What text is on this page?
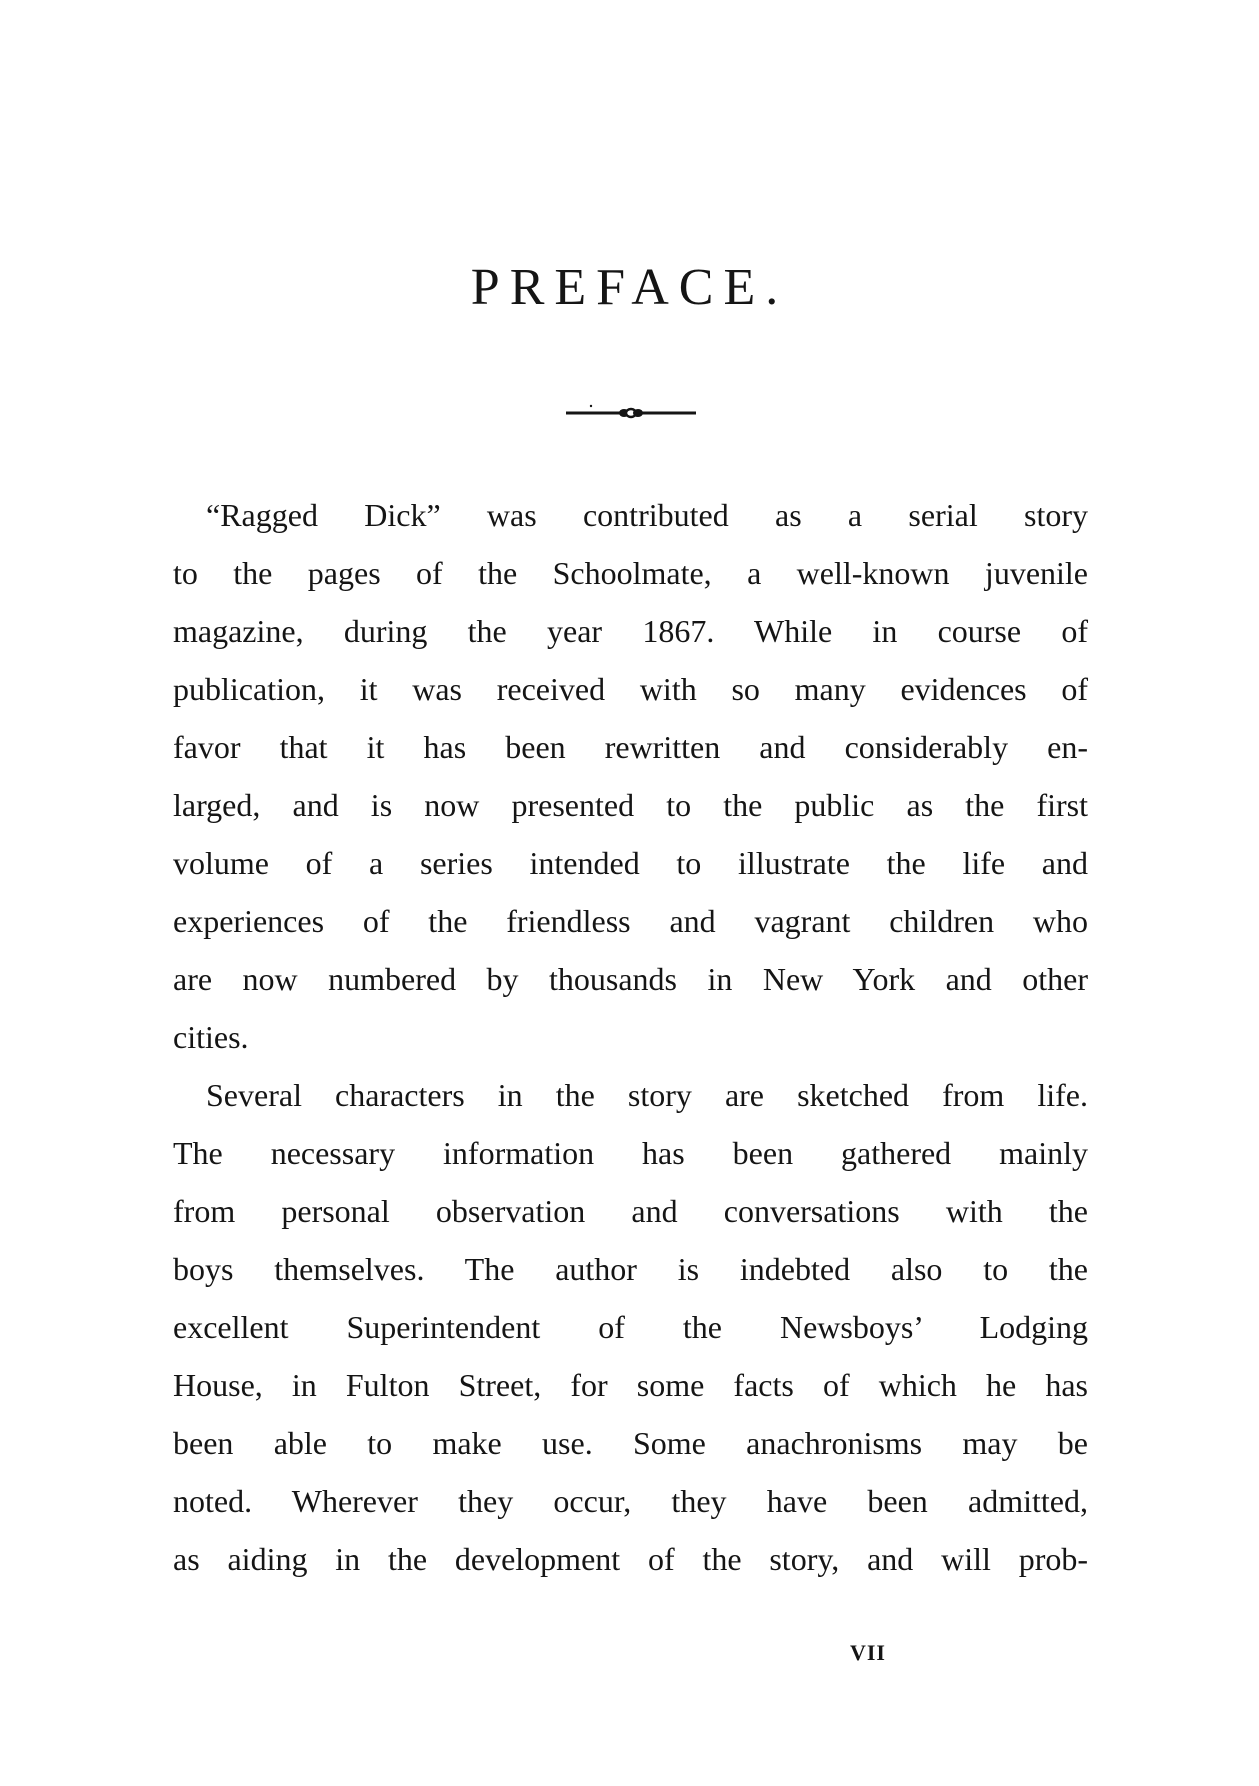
PREFACE.
“Ragged Dick” was contributed as a serial story
to the pages of the Schoolmate, a well-known juvenile
magazine, during the year 1867. While in course of
publication, it was received with so many evidences of
favor that it has been rewritten and considerably en-
larged, and is now presented to the public as the first
volume of a series intended to illustrate the life and
experiences of the friendless and vagrant children who
are now numbered by thousands in New York and other
cities.
Several characters in the story are sketched from life.
The necessary information has been gathered mainly
from personal observation and conversations with the
boys themselves. The author is indebted also to the
excellent Superintendent of the Newsboys’ Lodging
House, in Fulton Street, for some facts of which he has
been able to make use. Some anachronisms may be
noted. Wherever they occur, they have been admitted,
as aiding in the development of the story, and will prob-
VII
